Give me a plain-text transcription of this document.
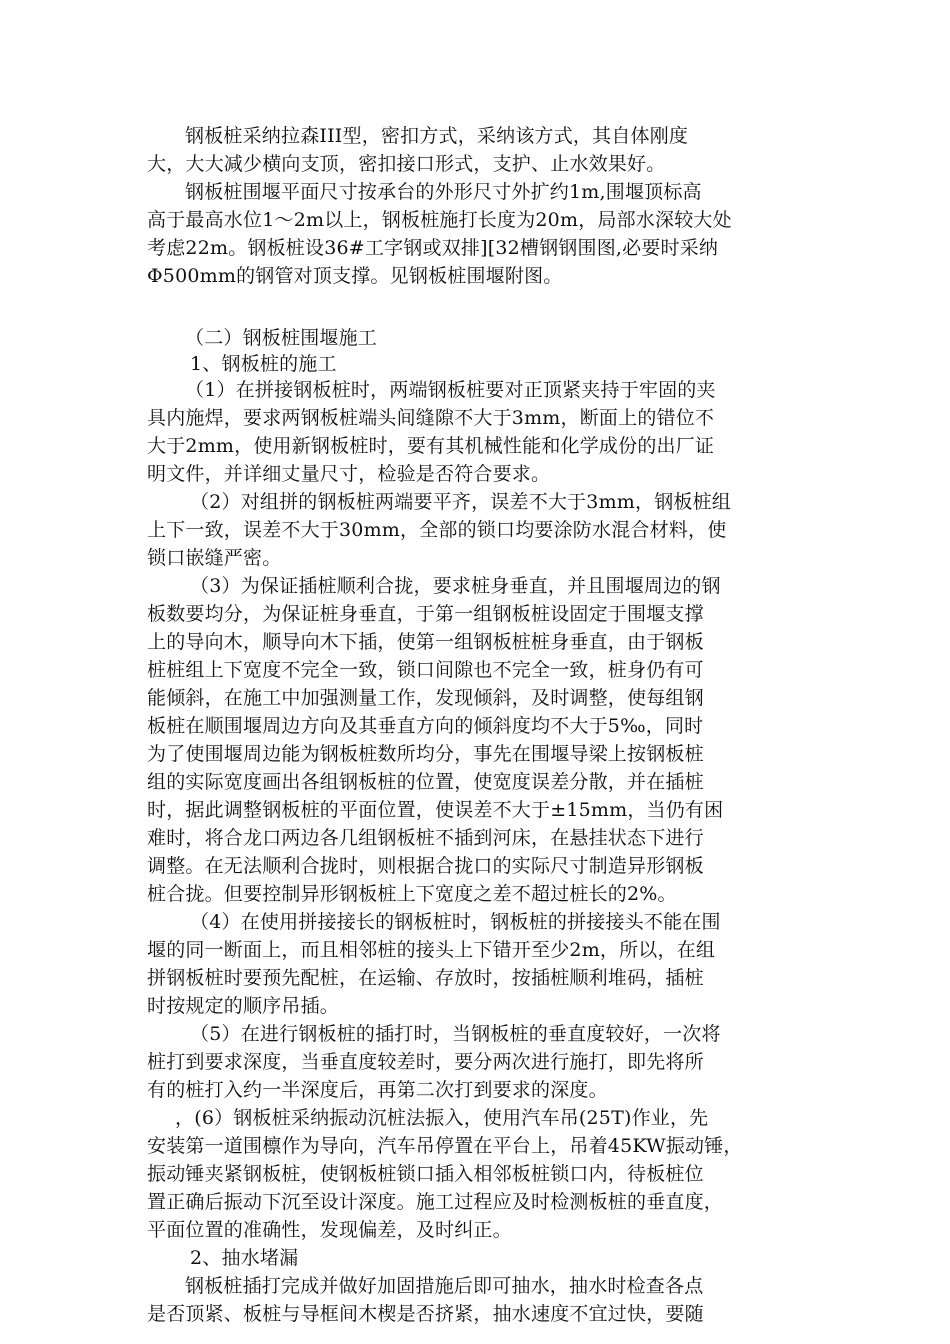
钢板桩采纳拉森III型，密扣方式，采纳该方式，其自体刚度
大，大大减少横向支顶，密扣接口形式，支护、止水效果好。
钢板桩围堰平面尺寸按承台的外形尺寸外扩约1m,围堰顶标高
高于最高水位1～2m以上，钢板桩施打长度为20m，局部水深较大处
考虑22m。钢板桩设36#工字钢或双排][32槽钢钢围图,必要时采纳
Φ500mm的钢管对顶支撑。见钢板桩围堰附图。
（二）钢板桩围堰施工
1、钢板桩的施工
（1）在拼接钢板桩时，两端钢板桩要对正顶紧夹持于牢固的夹
具内施焊，要求两钢板桩端头间缝隙不大于3mm，断面上的错位不
大于2mm，使用新钢板桩时，要有其机械性能和化学成份的出厂证
明文件，并详细丈量尺寸，检验是否符合要求。
（2）对组拼的钢板桩两端要平齐，误差不大于3mm，钢板桩组
上下一致，误差不大于30mm，全部的锁口均要涂防水混合材料，使
锁口嵌缝严密。
（3）为保证插桩顺利合拢，要求桩身垂直，并且围堰周边的钢
板数要均分，为保证桩身垂直，于第一组钢板桩设固定于围堰支撑
上的导向木，顺导向木下插，使第一组钢板桩桩身垂直，由于钢板
桩桩组上下宽度不完全一致，锁口间隙也不完全一致，桩身仍有可
能倾斜，在施工中加强测量工作，发现倾斜，及时调整，使每组钢
板桩在顺围堰周边方向及其垂直方向的倾斜度均不大于5‰，同时
为了使围堰周边能为钢板桩数所均分，事先在围堰导梁上按钢板桩
组的实际宽度画出各组钢板桩的位置，使宽度误差分散，并在插桩
时，据此调整钢板桩的平面位置，使误差不大于±15mm，当仍有困
难时，将合龙口两边各几组钢板桩不插到河床，在悬挂状态下进行
调整。在无法顺利合拢时，则根据合拢口的实际尺寸制造异形钢板
桩合拢。但要控制异形钢板桩上下宽度之差不超过桩长的2%。
（4）在使用拼接接长的钢板桩时，钢板桩的拼接接头不能在围
堰的同一断面上，而且相邻桩的接头上下错开至少2m，所以，在组
拼钢板桩时要预先配桩，在运输、存放时，按插桩顺利堆码，插桩
时按规定的顺序吊插。
（5）在进行钢板桩的插打时，当钢板桩的垂直度较好，一次将
桩打到要求深度，当垂直度较差时，要分两次进行施打，即先将所
有的桩打入约一半深度后，再第二次打到要求的深度。
，(6）钢板桩采纳振动沉桩法振入，使用汽车吊(25T)作业，先
安装第一道围檩作为导向，汽车吊停置在平台上，吊着45KW振动锤，
振动锤夹紧钢板桩，使钢板桩锁口插入相邻板桩锁口内，待板桩位
置正确后振动下沉至设计深度。施工过程应及时检测板桩的垂直度，
平面位置的准确性，发现偏差，及时纠正。
2、抽水堵漏
钢板桩插打完成并做好加固措施后即可抽水，抽水时检查各点
是否顶紧、板桩与导框间木楔是否挤紧，抽水速度不宜过快，要随
